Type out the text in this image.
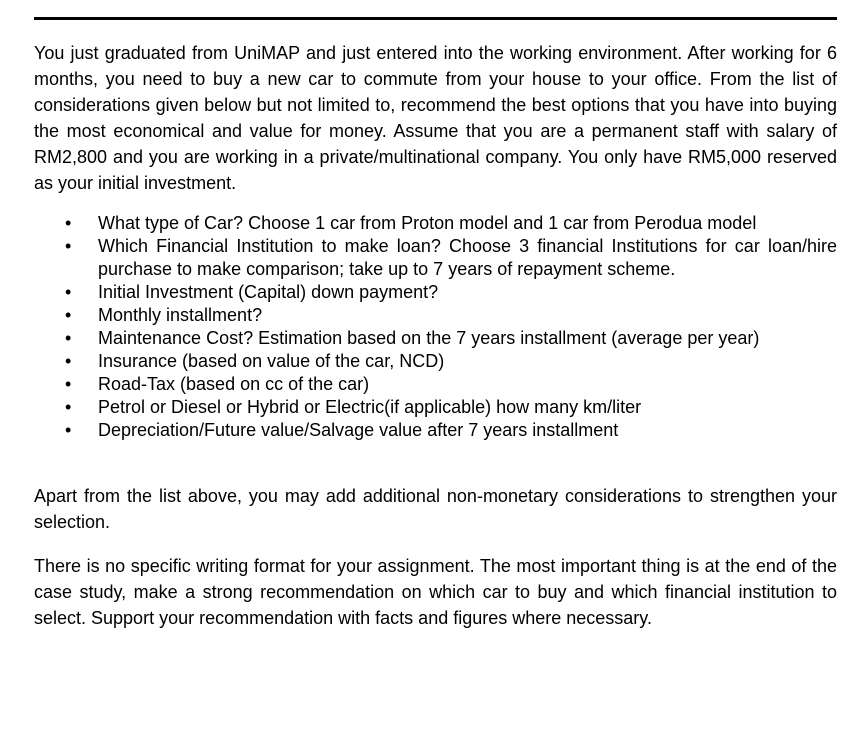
You just graduated from UniMAP and just entered into the working environment. After working for 6 months, you need to buy a new car to commute from your house to your office. From the list of considerations given below but not limited to, recommend the best options that you have into buying the most economical and value for money. Assume that you are a permanent staff with salary of RM2,800 and you are working in a private/multinational company. You only have RM5,000 reserved as your initial investment.

• What type of Car? Choose 1 car from Proton model and 1 car from Perodua model
• Which Financial Institution to make loan? Choose 3 financial Institutions for car loan/hire purchase to make comparison; take up to 7 years of repayment scheme.
• Initial Investment (Capital) down payment?
• Monthly installment?
• Maintenance Cost? Estimation based on the 7 years installment (average per year)
• Insurance (based on value of the car, NCD)
• Road-Tax (based on cc of the car)
• Petrol or Diesel or Hybrid or Electric(if applicable) how many km/liter
• Depreciation/Future value/Salvage value after 7 years installment

Apart from the list above, you may add additional non-monetary considerations to strengthen your selection.

There is no specific writing format for your assignment. The most important thing is at the end of the case study, make a strong recommendation on which car to buy and which financial institution to select. Support your recommendation with facts and figures where necessary.
